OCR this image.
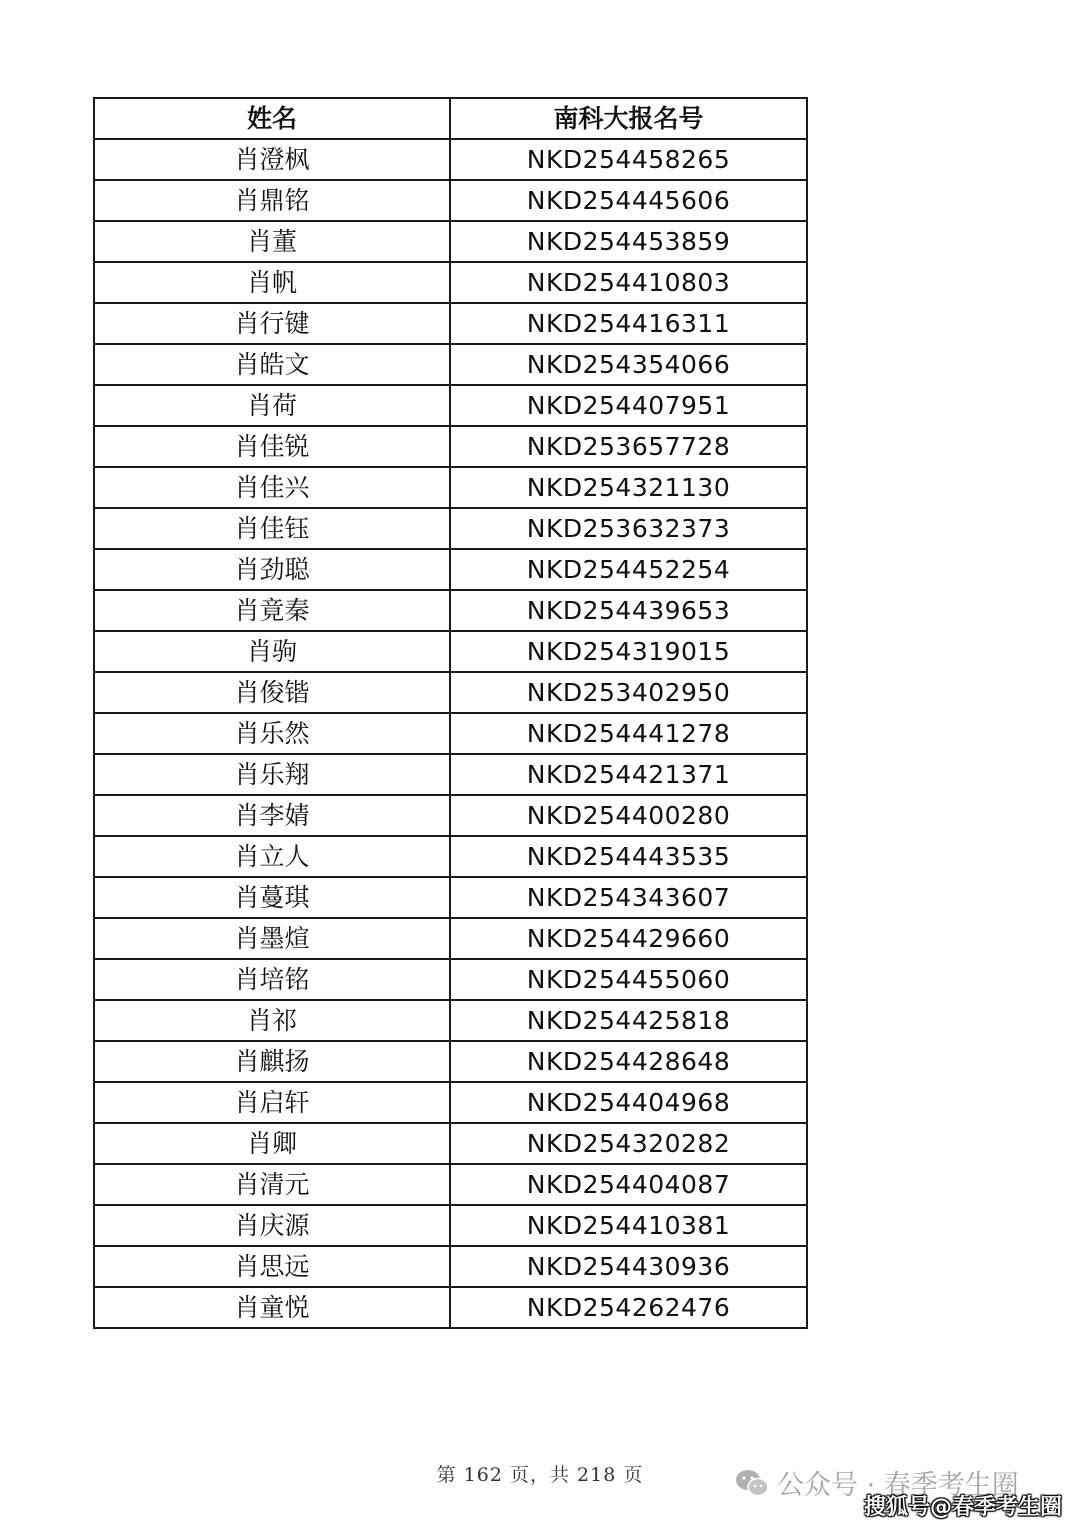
姓名	南科大报名号
肖澄枫	NKD254458265
肖鼎铭	NKD254445606
肖董	NKD254453859
肖帆	NKD254410803
肖行键	NKD254416311
肖皓文	NKD254354066
肖荷	NKD254407951
肖佳锐	NKD253657728
肖佳兴	NKD254321130
肖佳钰	NKD253632373
肖劲聪	NKD254452254
肖竟秦	NKD254439653
肖驹	NKD254319015
肖俊锴	NKD253402950
肖乐然	NKD254441278
肖乐翔	NKD254421371
肖李婧	NKD254400280
肖立人	NKD254443535
肖蔓琪	NKD254343607
肖墨煊	NKD254429660
肖培铭	NKD254455060
肖祁	NKD254425818
肖麒扬	NKD254428648
肖启轩	NKD254404968
肖卿	NKD254320282
肖清元	NKD254404087
肖庆源	NKD254410381
肖思远	NKD254430936
肖童悦	NKD254262476
第 162 页，共 218 页	公众号 · 春季考生圈
搜狐号@春季考生圈
